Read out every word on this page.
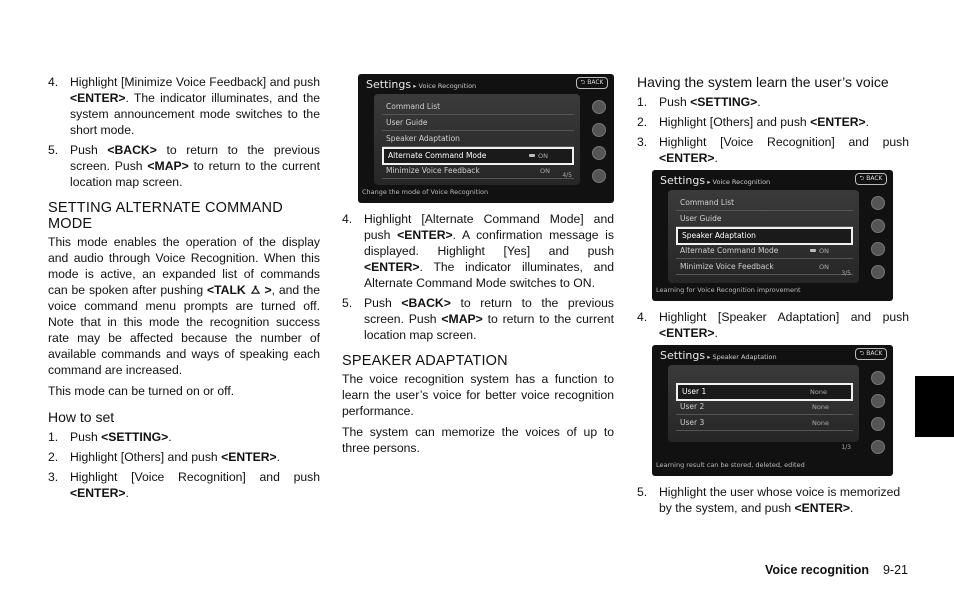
4. Highlight [Minimize Voice Feedback] and push <ENTER>. The indicator illuminates, and the system announcement mode switches to the short mode.
5. Push <BACK> to return to the previous screen. Push <MAP> to return to the current location map screen.
SETTING ALTERNATE COMMAND MODE

This mode enables the operation of the display and audio through Voice Recognition. When this mode is active, an expanded list of commands can be spoken after pushing <TALK >, and the voice command menu prompts are turned off. Note that in this mode the recognition success rate may be affected because the number of available commands and ways of speaking each command are increased.

This mode can be turned on or off.

How to set
1. Push <SETTING>.
2. Highlight [Others] and push <ENTER>.
3. Highlight [Voice Recognition] and push <ENTER>.
Settings ▸ Voice Recognition	⮌ BACK
Command List
User Guide
Speaker Adaptation
Alternate Command Mode	ON
Minimize Voice Feedback	ON
4/5
Change the mode of Voice Recognition
4. Highlight [Alternate Command Mode] and push <ENTER>. A confirmation message is displayed. Highlight [Yes] and push <ENTER>. The indicator illuminates, and Alternate Command Mode switches to ON.
5. Push <BACK> to return to the previous screen. Push <MAP> to return to the current location map screen.
SPEAKER ADAPTATION

The voice recognition system has a function to learn the user’s voice for better voice recognition performance.

The system can memorize the voices of up to three persons.

Having the system learn the user’s voice
1. Push <SETTING>.
2. Highlight [Others] and push <ENTER>.
3. Highlight [Voice Recognition] and push <ENTER>.
Settings ▸ Voice Recognition	⮌ BACK
Command List
User Guide
Speaker Adaptation
Alternate Command Mode	ON
Minimize Voice Feedback	ON
3/5
Learning for Voice Recognition improvement
4. Highlight [Speaker Adaptation] and push <ENTER>.
Settings ▸ Speaker Adaptation	⮌ BACK
User 1	None
User 2	None
User 3	None
1/3
Learning result can be stored, deleted, edited
5. Highlight the user whose voice is memorized by the system, and push <ENTER>.
Voice recognition 9-21
